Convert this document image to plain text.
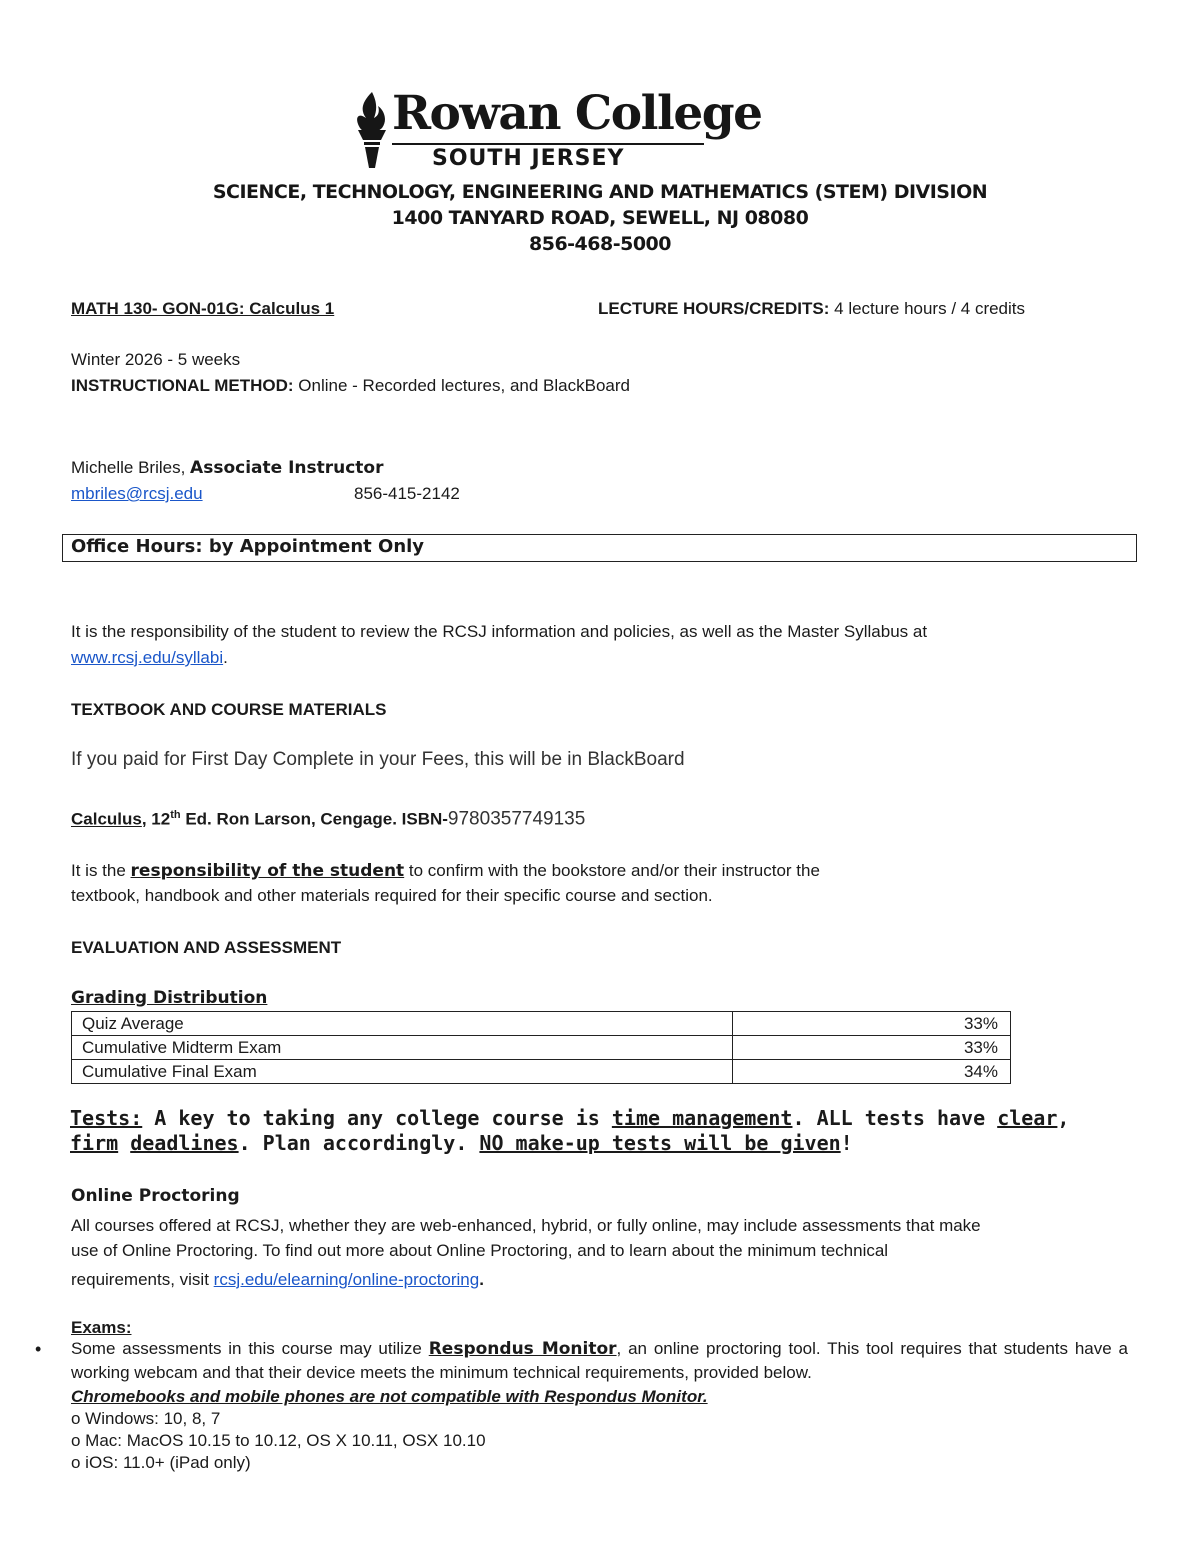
Rowan College
SOUTH JERSEY
SCIENCE, TECHNOLOGY, ENGINEERING AND MATHEMATICS (STEM) DIVISION
1400 TANYARD ROAD, SEWELL, NJ 08080
856-468-5000
MATH 130- GON-01G: Calculus 1	LECTURE HOURS/CREDITS: 4 lecture hours / 4 credits
Winter 2026 - 5 weeks
INSTRUCTIONAL METHOD: Online - Recorded lectures, and BlackBoard
Michelle Briles, Associate Instructor
mbriles@rcsj.edu	856-415-2142
Office Hours: by Appointment Only
It is the responsibility of the student to review the RCSJ information and policies, as well as the Master Syllabus at
www.rcsj.edu/syllabi.
TEXTBOOK AND COURSE MATERIALS
If you paid for First Day Complete in your Fees, this will be in BlackBoard
Calculus, 12th Ed. Ron Larson, Cengage. ISBN-9780357749135
It is the responsibility of the student to confirm with the bookstore and/or their instructor the
textbook, handbook and other materials required for their specific course and section.
EVALUATION AND ASSESSMENT
Grading Distribution
Quiz Average	33%
Cumulative Midterm Exam	33%
Cumulative Final Exam	34%
Tests: A key to taking any college course is time management. ALL tests have clear,
firm deadlines. Plan accordingly. NO make-up tests will be given!
Online Proctoring
All courses offered at RCSJ, whether they are web-enhanced, hybrid, or fully online, may include assessments that make
use of Online Proctoring. To find out more about Online Proctoring, and to learn about the minimum technical
requirements, visit rcsj.edu/elearning/online-proctoring.
Exams:
• Some assessments in this course may utilize Respondus Monitor, an online proctoring tool. This tool requires that students have a working webcam and that their device meets the minimum technical requirements, provided below.
Chromebooks and mobile phones are not compatible with Respondus Monitor.
o Windows: 10, 8, 7
o Mac: MacOS 10.15 to 10.12, OS X 10.11, OSX 10.10
o iOS: 11.0+ (iPad only)
